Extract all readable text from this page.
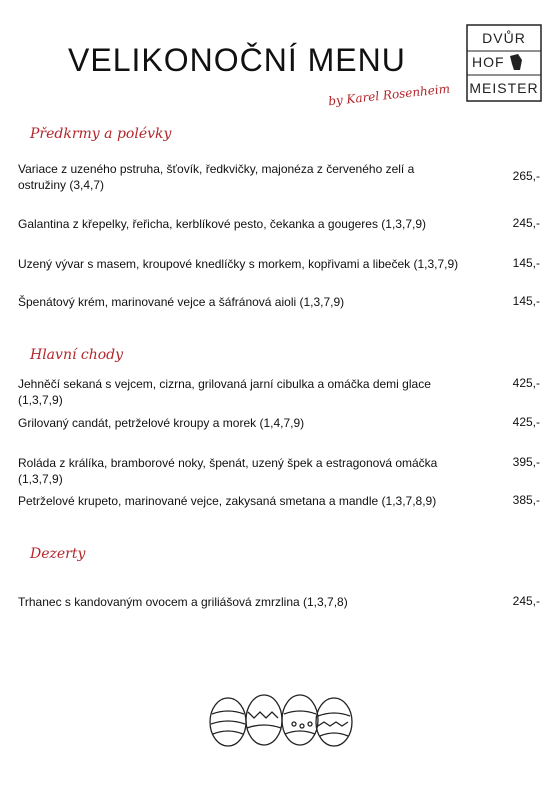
VELIKONOČNÍ MENU
by Karel Rosenheim
DVŮR
HOF
MEISTER
Předkrmy a polévky
Variace z uzeného pstruha, šťovík, ředkvičky, majonéza z červeného zelí a ostružiny (3,4,7)
265,-
Galantina z křepelky, řeřicha, kerblíkové pesto, čekanka a gougeres (1,3,7,9)	245,-
Uzený vývar s masem, kroupové knedlíčky s morkem, kopřivami a libeček (1,3,7,9)	145,-
Špenátový krém, marinované vejce a šáfránová aioli (1,3,7,9)	145,-
Hlavní chody
Jehněčí sekaná s vejcem, cizrna, grilovaná jarní cibulka a omáčka demi glace (1,3,7,9)
425,-
Grilovaný candát, petrželové kroupy a morek (1,4,7,9)	425,-
Roláda z králíka, bramborové noky, špenát, uzený špek a estragonová omáčka (1,3,7,9)
395,-
Petrželové krupeto, marinované vejce, zakysaná smetana a mandle (1,3,7,8,9)	385,-
Dezerty
Trhanec s kandovaným ovocem a griliášová zmrzlina (1,3,7,8)	245,-
